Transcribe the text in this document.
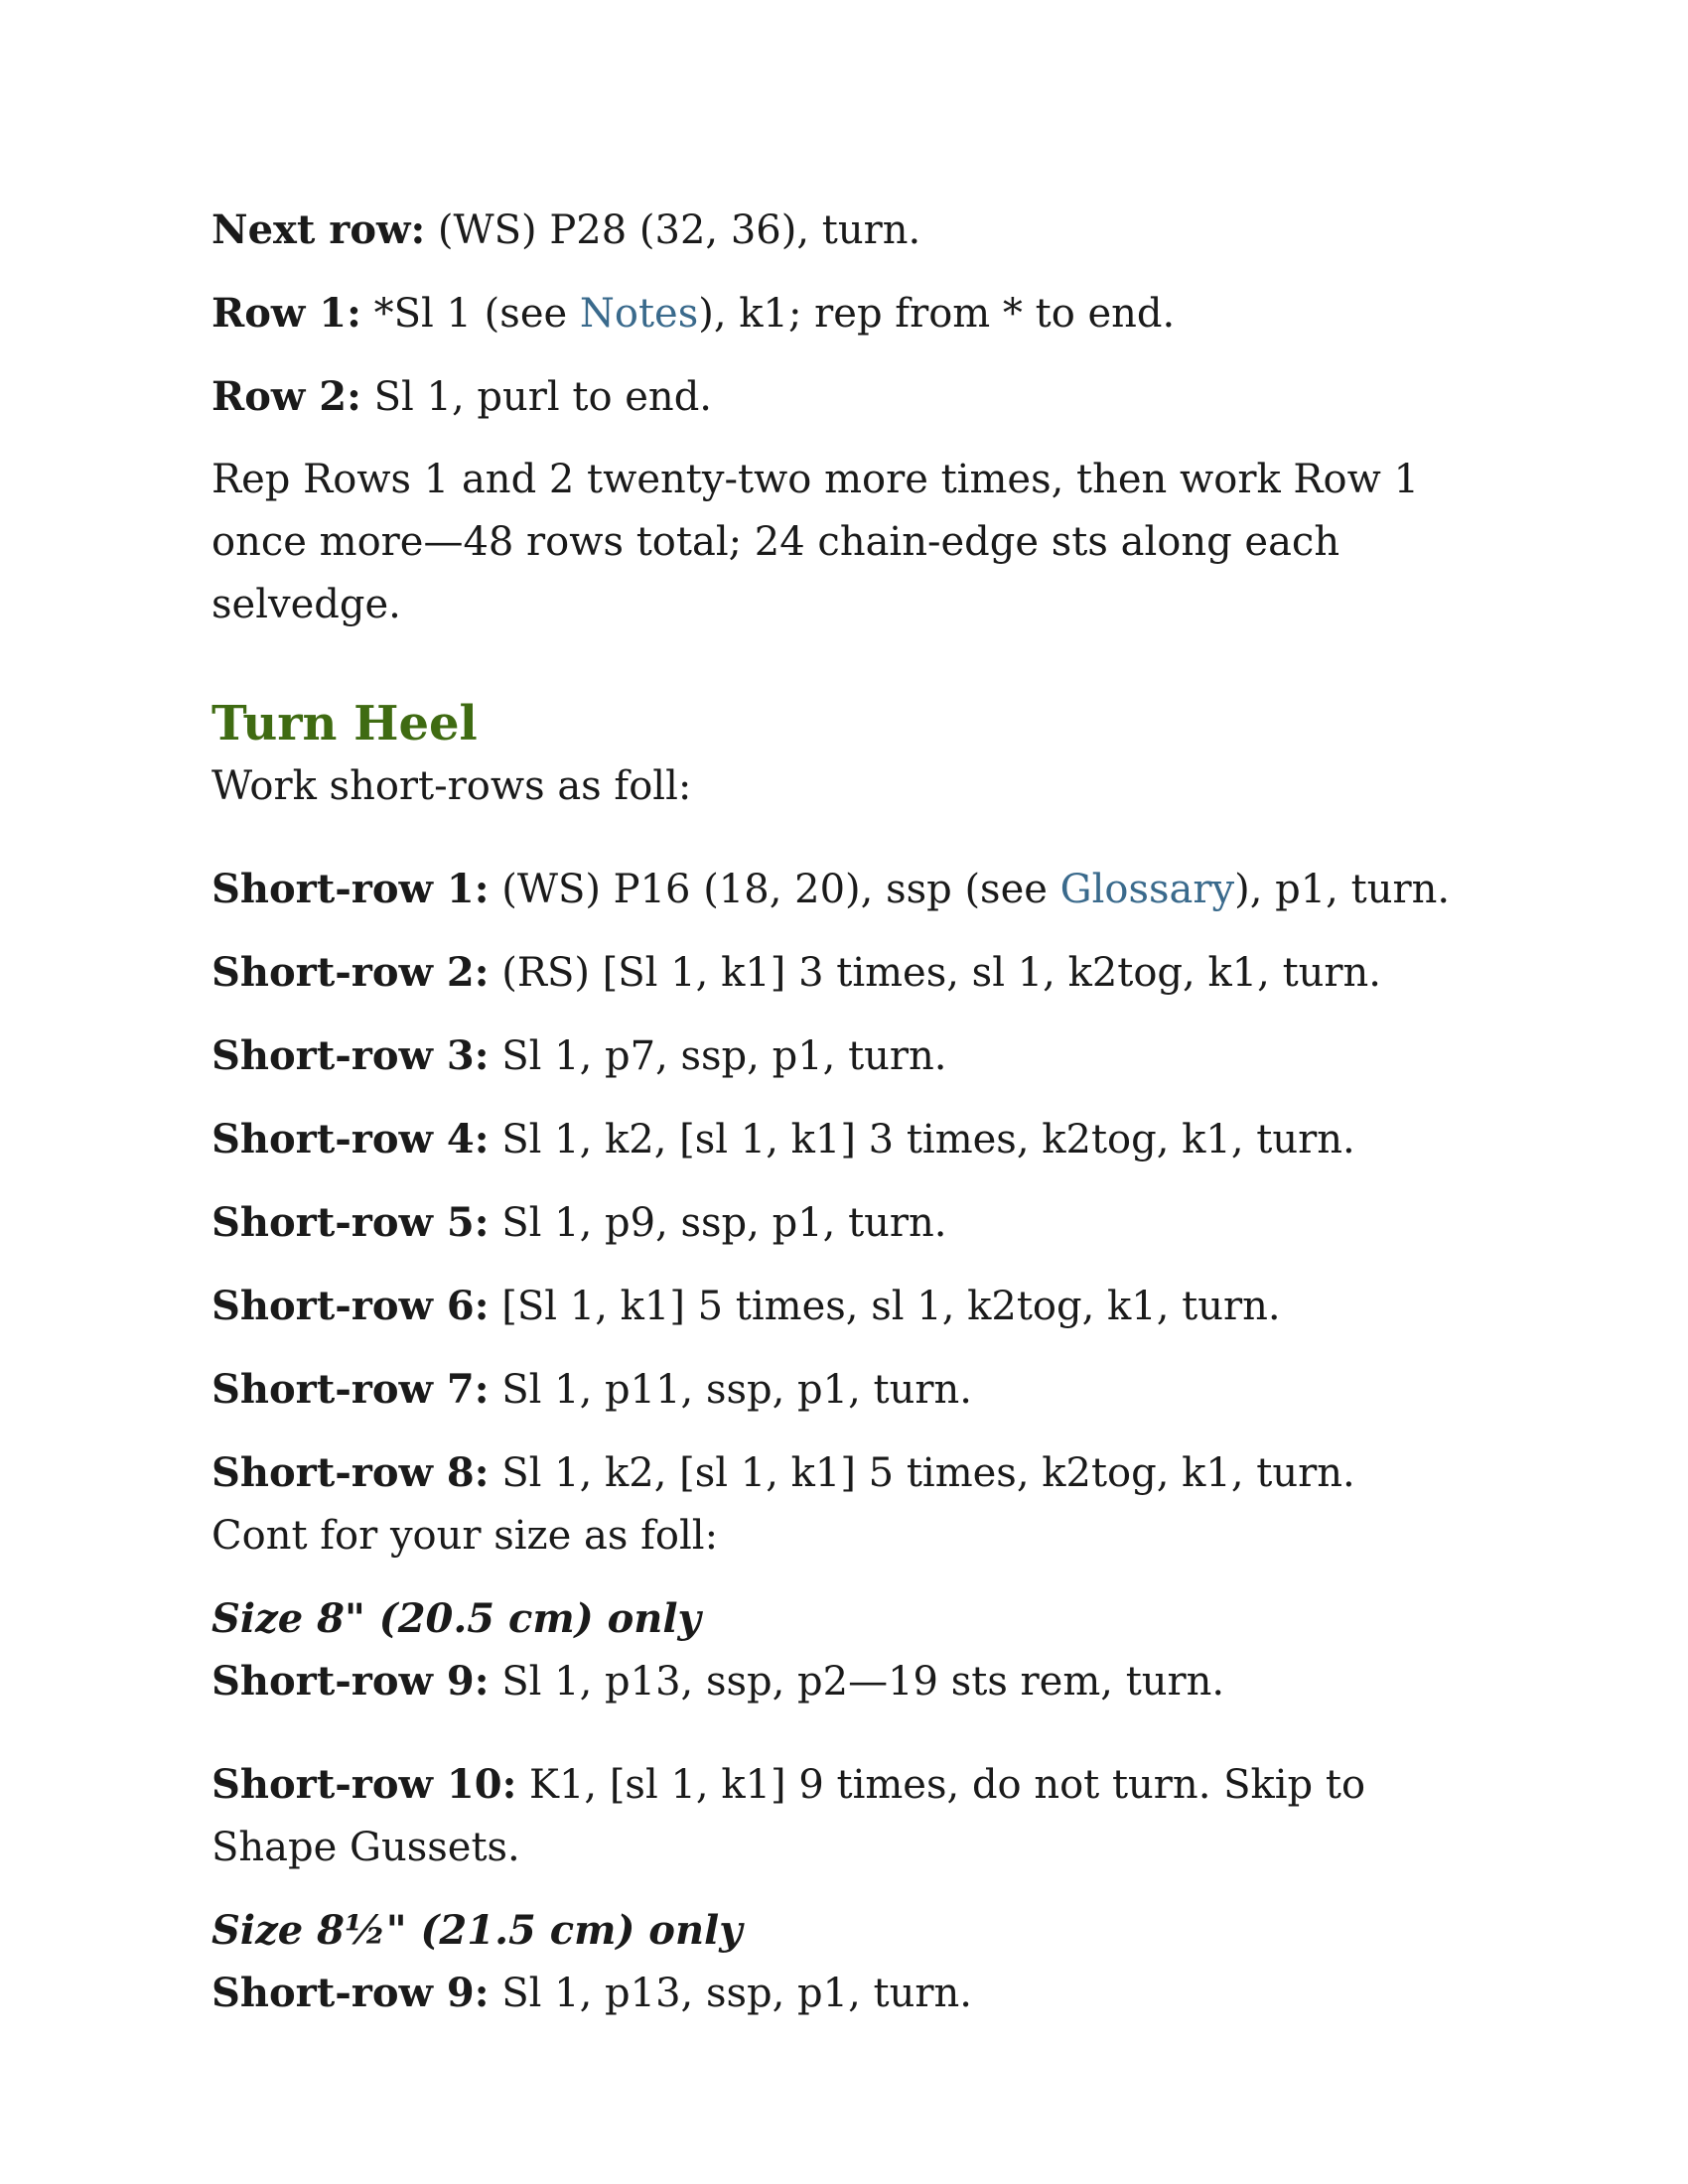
Next row: (WS) P28 (32, 36), turn.

Row 1: *Sl 1 (see Notes), k1; rep from * to end.

Row 2: Sl 1, purl to end.

Rep Rows 1 and 2 twenty-two more times, then work Row 1 once more—48 rows total; 24 chain-edge sts along each selvedge.

Turn Heel

Work short-rows as foll:

Short-row 1: (WS) P16 (18, 20), ssp (see Glossary), p1, turn.

Short-row 2: (RS) [Sl 1, k1] 3 times, sl 1, k2tog, k1, turn.

Short-row 3: Sl 1, p7, ssp, p1, turn.

Short-row 4: Sl 1, k2, [sl 1, k1] 3 times, k2tog, k1, turn.

Short-row 5: Sl 1, p9, ssp, p1, turn.

Short-row 6: [Sl 1, k1] 5 times, sl 1, k2tog, k1, turn.

Short-row 7: Sl 1, p11, ssp, p1, turn.

Short-row 8: Sl 1, k2, [sl 1, k1] 5 times, k2tog, k1, turn. Cont for your size as foll:

Size 8" (20.5 cm) only

Short-row 9: Sl 1, p13, ssp, p2—19 sts rem, turn.

Short-row 10: K1, [sl 1, k1] 9 times, do not turn. Skip to Shape Gussets.

Size 8½" (21.5 cm) only

Short-row 9: Sl 1, p13, ssp, p1, turn.
